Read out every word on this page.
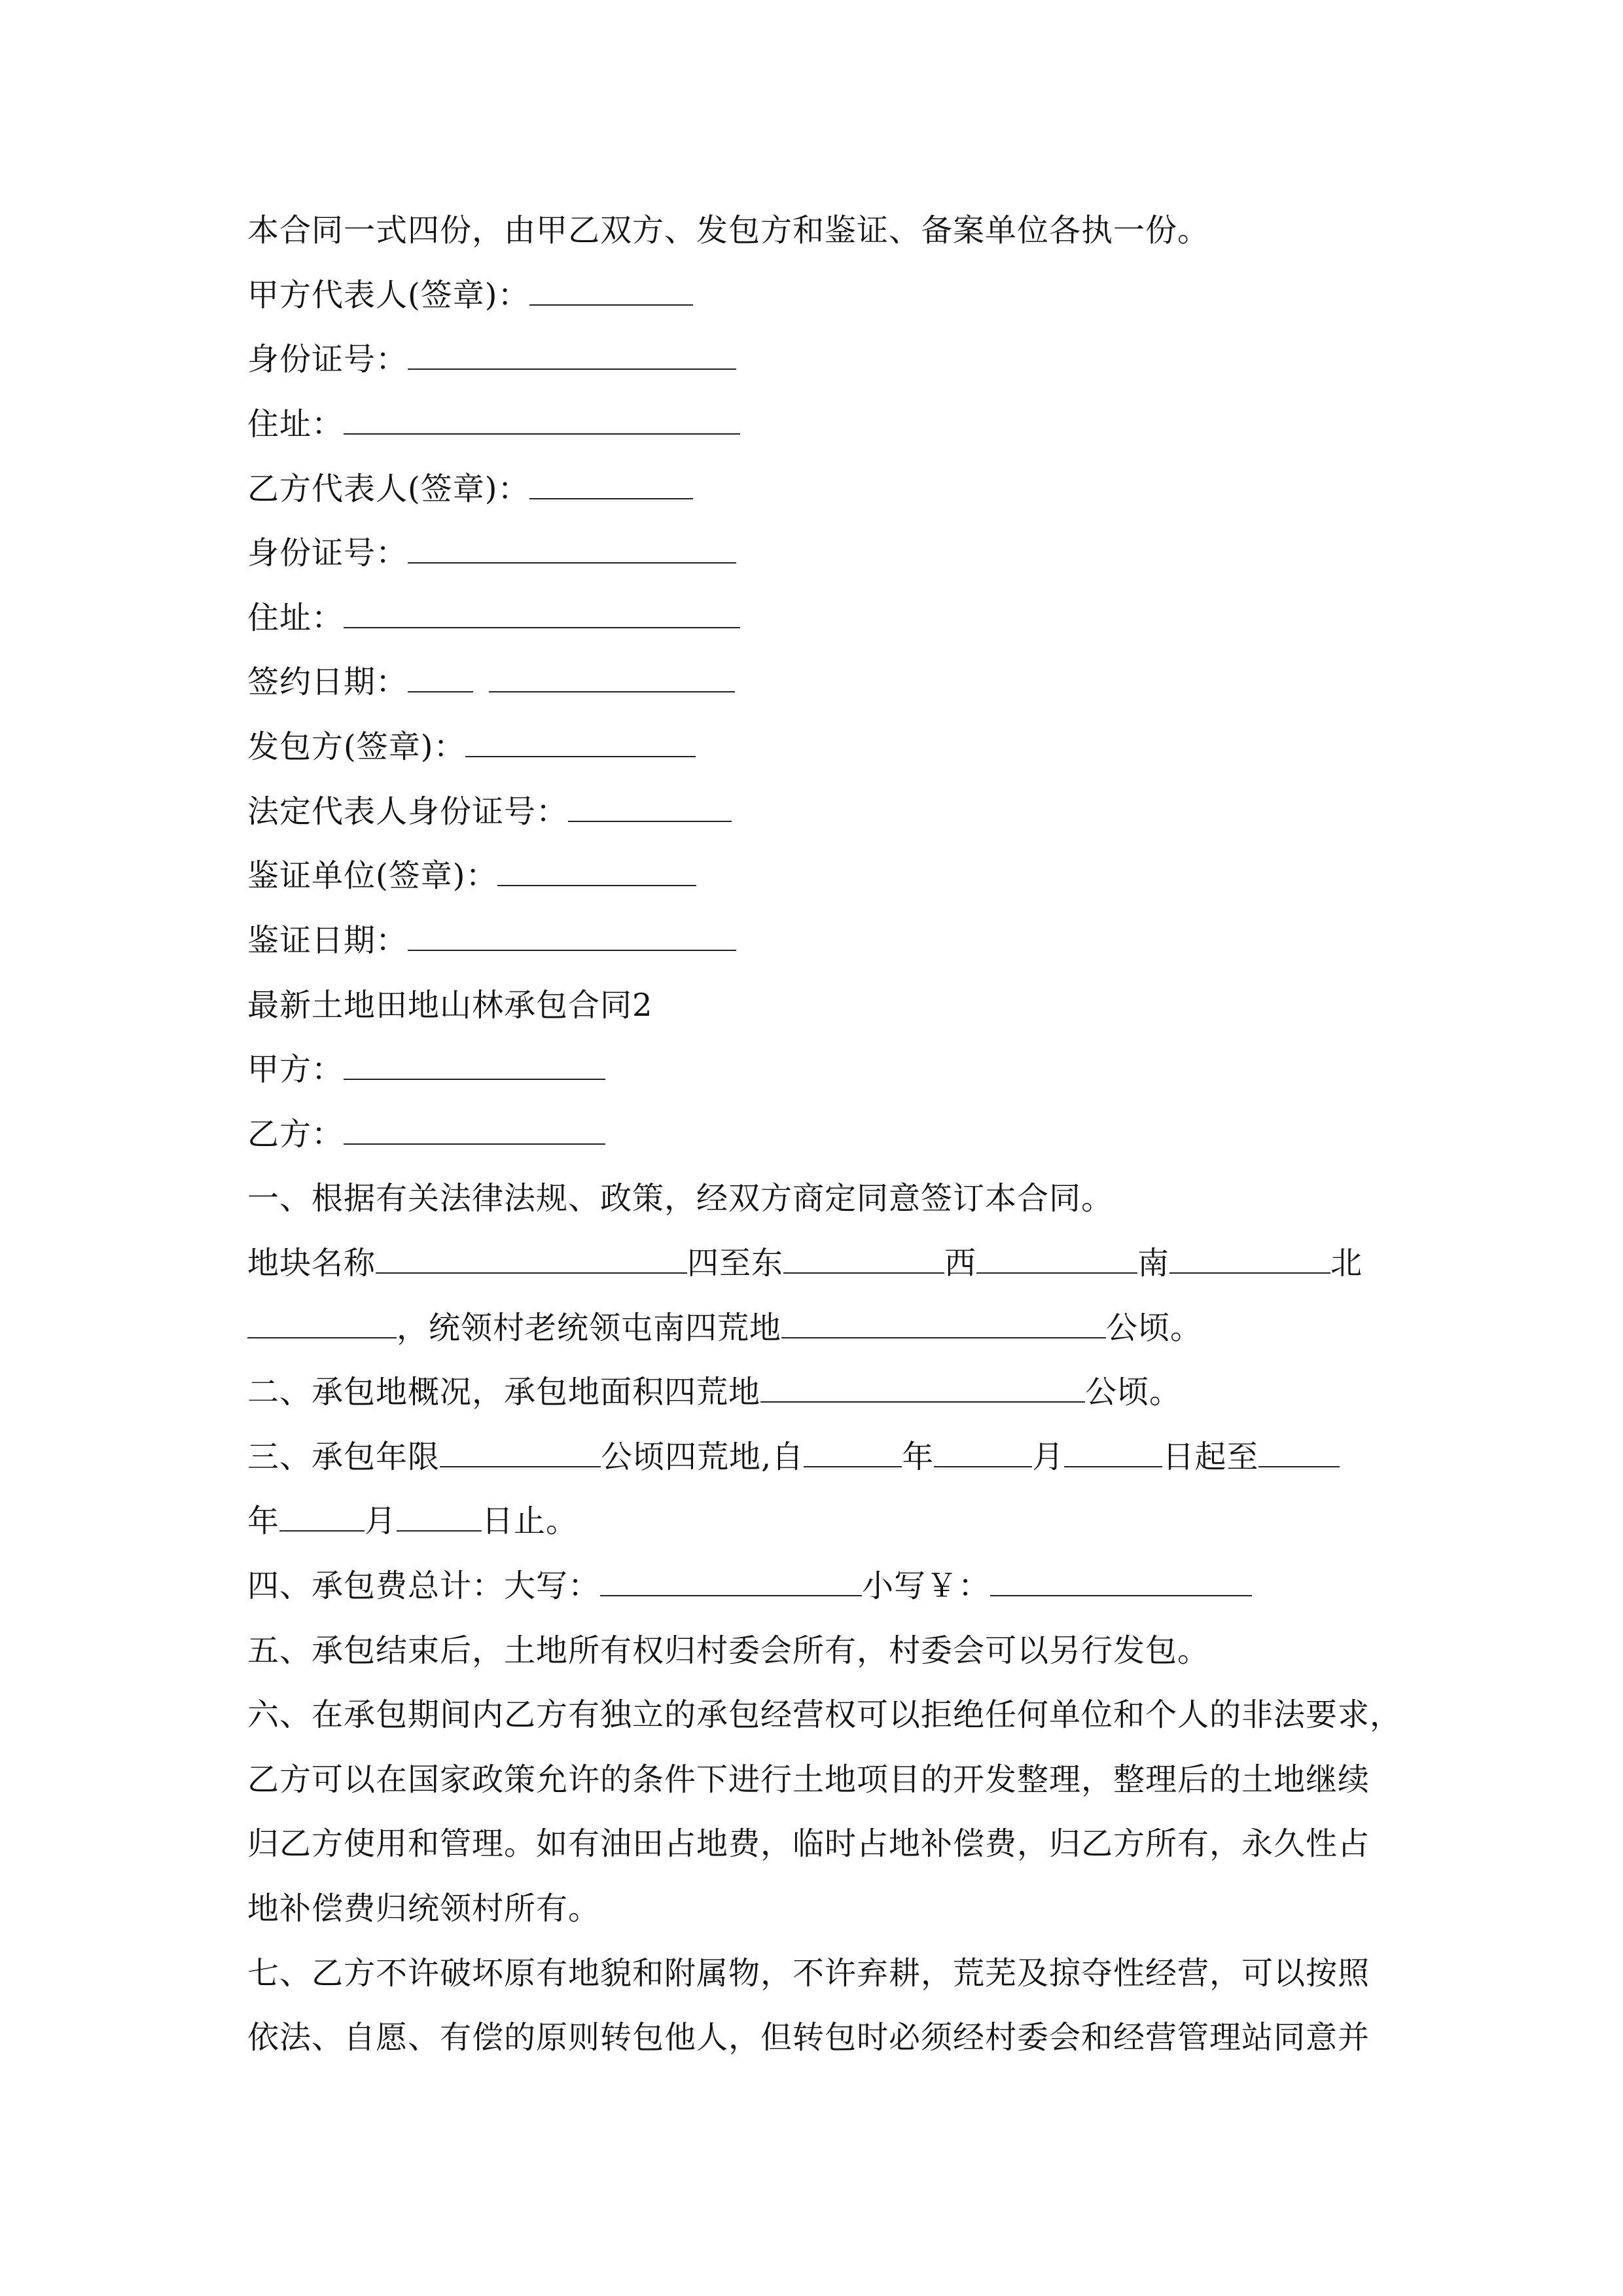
本合同一式四份，由甲乙双方、发包方和鉴证、备案单位各执一份。
甲方代表人(签章)：
身份证号：
住址：
乙方代表人(签章)：
身份证号：
住址：
签约日期：
发包方(签章)：
法定代表人身份证号：
鉴证单位(签章)：
鉴证日期：
最新土地田地山林承包合同2
甲方：
乙方：
一、根据有关法律法规、政策，经双方商定同意签订本合同。
地块名称	四至东	西	南	北
，统领村老统领屯南四荒地	公顷。
二、承包地概况，承包地面积四荒地	公顷。
三、承包年限	公顷四荒地,自	年	月	日起至
年	月	日止。
四、承包费总计：大写：	小写￥：
五、承包结束后，土地所有权归村委会所有，村委会可以另行发包。
六、在承包期间内乙方有独立的承包经营权可以拒绝任何单位和个人的非法要求，
乙方可以在国家政策允许的条件下进行土地项目的开发整理，整理后的土地继续
归乙方使用和管理。如有油田占地费，临时占地补偿费，归乙方所有，永久性占
地补偿费归统领村所有。
七、乙方不许破坏原有地貌和附属物，不许弃耕，荒芜及掠夺性经营，可以按照
依法、自愿、有偿的原则转包他人，但转包时必须经村委会和经营管理站同意并
